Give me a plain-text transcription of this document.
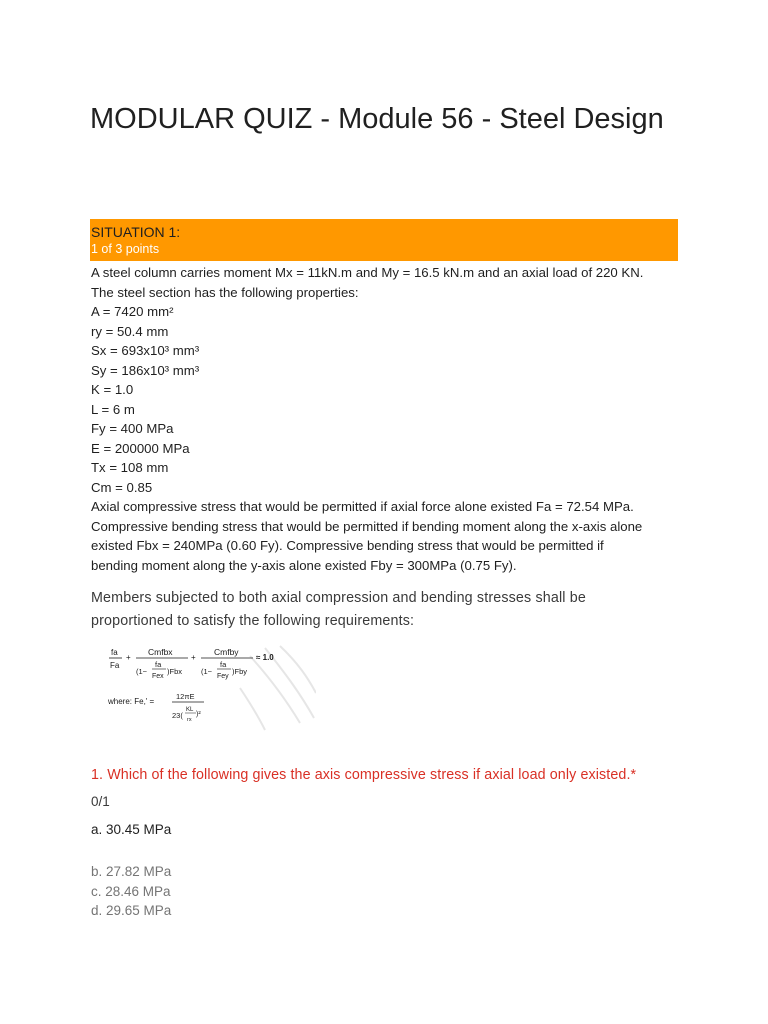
MODULAR QUIZ - Module 56 - Steel Design
SITUATION 1:
1 of 3 points

A steel column carries moment Mx = 11kN.m and My = 16.5 kN.m and an axial load of 220 KN.

The steel section has the following properties:

A = 7420 mm²

ry = 50.4 mm

Sx = 693x10³ mm³

Sy = 186x10³ mm³

K = 1.0

L = 6 m

Fy = 400 MPa

E = 200000 MPa

Tx = 108 mm

Cm = 0.85

Axial compressive stress that would be permitted if axial force alone existed Fa = 72.54 MPa.

Compressive bending stress that would be permitted if bending moment along the x-axis alone

existed Fbx = 240MPa (0.60 Fy). Compressive bending stress that would be permitted if

bending moment along the y-axis alone existed Fby = 300MPa (0.75 Fy).

Members subjected to both axial compression and bending stresses shall be proportioned to satisfy the following requirements:
fa
Fa
+
Cmfbx
(1−
fa
Fex
)Fbx
+
Cmfby
(1−
fa
Fey
)Fby
≈ 1.0
where: Fe,' =
12πE
23(
KL
rx
)²
1. Which of the following gives the axis compressive stress if axial load only existed.*
0/1
a. 30.45 MPa
b. 27.82 MPa
c. 28.46 MPa
d. 29.65 MPa
